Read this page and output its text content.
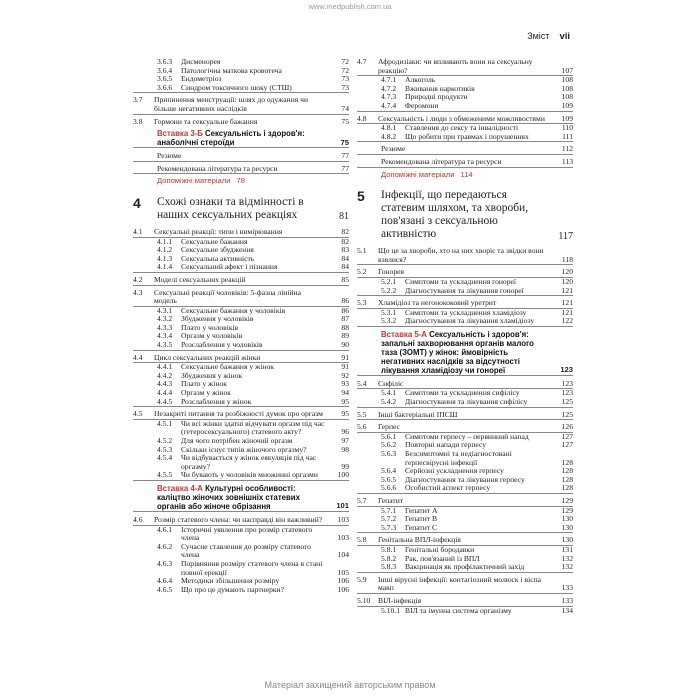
www.medpublish.com.ua
Зміст vii
3.6.3 Дисменорея	72
3.6.4 Патологічна маткова кровотеча	72
3.6.5 Ендометріоз	73
3.6.6 Синдром токсичного шоку (СТШ)	73
3.7 Припинення менструації: шлях до одужання чи більше негативних наслідків	74
3.8 Гормони та сексуальне бажання	75
Вставка 3-Б Сексуальність і здоров'я: анаболічні стероїди	75
Резюме	77
Рекомендована література та ресурси	77
Допоміжні матеріали 78
4 Схожі ознаки та відмінності в наших сексуальних реакціях	81
4.1 Сексуальні реакції: типи і вимірювання	82
4.1.1 Сексуальне бажання	82
4.1.2 Сексуальне збудження	83
4.1.3 Сексуальна активність	84
4.1.4 Сексуальний афект і пізнання	84
4.2 Моделі сексуальних реакцій	85
4.3 Сексуальні реакції чоловіків: 5-фазна лінійна модель	86
4.3.1 Сексуальне бажання у чоловіків	86
4.3.2 Збудження у чоловіків	87
4.3.3 Плато у чоловіків	88
4.3.4 Оргазм у чоловіків	89
4.3.5 Розслаблення у чоловіків	90
4.4 Цикл сексуальних реакцій жінки	91
4.4.1 Сексуальне бажання у жінок	91
4.4.2 Збудження у жінок	92
4.4.3 Плато у жінок	93
4.4.4 Оргазм у жінок	94
4.4.5 Розслаблення у жінок	95
4.5 Незакриті питання та розбіжності думок про оргазм	95
4.5.1 Чи всі жінки здатні відчувати оргазм під час (гетеросексуального) статевого акту?	96
4.5.2 Для чого потрібен жіночий оргазм	97
4.5.3 Скільки існує типів жіночого оргазму?	98
4.5.4 Чи відбувається у жінок еякуляція під час оргазму?	99
4.5.5 Чи бувають у чоловіків множинні оргазми	100
Вставка 4-А Культурні особливості: каліцтво жіночих зовнішніх статевих органів або жіноче обрізання	101
4.6 Розмір статевого члена: чи насправді він важливий?	103
4.6.1 Історичні уявлення про розмір статевого члена	103
4.6.2 Сучасне ставлення до розміру статевого члена	104
4.6.3 Порівняння розміру статевого члена в стані повної ерекції	105
4.6.4 Методики збільшення розміру	106
4.6.5 Що про це думають партнерки?	106
4.7 Афродизіаки: чи впливають вони на сексуальну реакцію?	107
4.7.1 Алкоголь	108
4.7.2 Вживання наркотиків	108
4.7.3 Природні продукти	108
4.7.4 Феромони	109
4.8 Сексуальність і люди з обмеженими можливостями	109
4.8.1 Ставлення до сексу та інвалідності	110
4.8.2 Що робити при травмах і порушеннях	111
Резюме	112
Рекомендована література та ресурси	113
Допоміжні матеріали 114
5 Інфекції, що передаються статевим шляхом, та хвороби, пов'язані з сексуальною активністю	117
5.1 Що це за хвороби, хто на них хворіє та звідки вони взялися?	118
5.2 Гонорея	120
5.2.1 Симптоми та ускладнення гонореї	120
5.2.2 Діагностування та лікування гонореї	121
5.3 Хламідіоз та негонококовий уретрит	121
5.3.1 Симптоми та ускладнення хламідіозу	121
5.3.2 Діагностування та лікування хламідіозу	122
Вставка 5-А Сексуальність і здоров'я: запальні захворювання органів малого таза (ЗОМТ) у жінок: ймовірність негативних наслідків за відсутності лікування хламідіозу чи гонореї	123
5.4 Сифіліс	123
5.4.1 Симптоми та ускладнення сифілісу	123
5.4.2 Діагностування та лікування сифілісу	125
5.5 Інші бактеріальні ІПСШ	125
5.6 Герпес	126
5.6.1 Симптоми герпесу – первинний напад	127
5.6.2 Повторні напади герпесу	127
5.6.3 Безсимптомні та недіагностовані герпесвірусні інфекції	128
5.6.4 Серйозні ускладнення герпесу	128
5.6.5 Діагностування та лікування герпесу	128
5.6.6 Особистий аспект герпесу	128
5.7 Гепатит	129
5.7.1 Гепатит А	129
5.7.2 Гепатит В	130
5.7.3 Гепатит С	130
5.8 Генітальна ВПЛ-інфекція	130
5.8.1 Генітальні бородавки	131
5.8.2 Рак, пов'язаний із ВПЛ	132
5.8.3 Вакцинація як профілактичний захід	132
5.9 Інші вірусні інфекції: контагіозний молюск і віспа мавп	133
5.10 ВІЛ-інфекція	133
5.10.1 ВІЛ та імунна система організму	134
Матеріал захищений авторським правом
